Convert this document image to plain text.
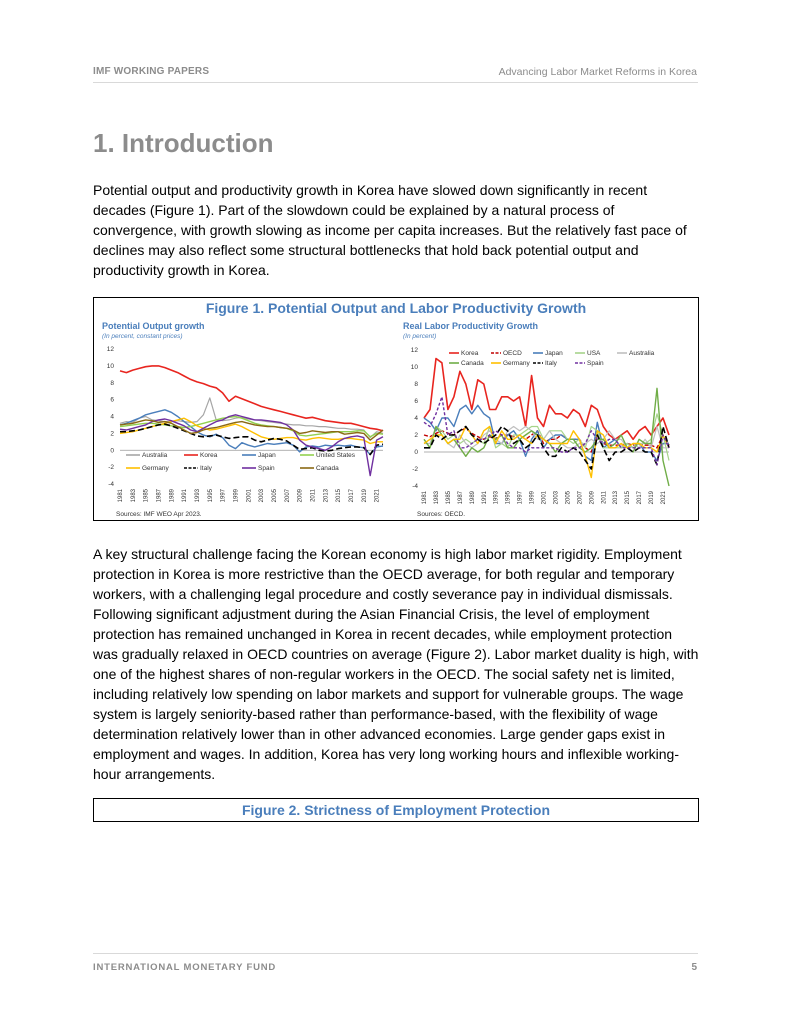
IMF WORKING PAPERS	Advancing Labor Market Reforms in Korea
1. Introduction

Potential output and productivity growth in Korea have slowed down significantly in recent decades (Figure 1). Part of the slowdown could be explained by a natural process of convergence, with growth slowing as income per capita increases. But the relatively fast pace of declines may also reflect some structural bottlenecks that hold back potential output and productivity growth in Korea.

Figure 1. Potential Output and Labor Productivity Growth
Potential Output growth
(In percent, constant prices)
12
10
8
6
4
2
0
-2
-4
1981 1983 1985 1987 1989 1991 1993 1995 1997 1999 2001 2003 2005 2007 2009 2011 2013 2015 2017 2019 2021
Australia	Korea	Japan	United States
Germany	Italy	Spain	Canada
Sources: IMF WEO Apr 2023.
Real Labor Productivity Growth
(In percent)
12
10
8
6
4
2
0
-2
-4
1981 1983 1985 1987 1989 1991 1993 1995 1997 1999 2001 2003 2005 2007 2009 2011 2013 2015 2017 2019 2021
Korea	OECD	Japan	USA	Australia
Canada	Germany Italy	Spain
Sources: OECD.

A key structural challenge facing the Korean economy is high labor market rigidity. Employment protection in Korea is more restrictive than the OECD average, for both regular and temporary workers, with a challenging legal procedure and costly severance pay in individual dismissals. Following significant adjustment during the Asian Financial Crisis, the level of employment protection has remained unchanged in Korea in recent decades, while employment protection was gradually relaxed in OECD countries on average (Figure 2). Labor market duality is high, with one of the highest shares of non-regular workers in the OECD. The social safety net is limited, including relatively low spending on labor markets and support for vulnerable groups. The wage system is largely seniority-based rather than performance-based, with the flexibility of wage determination relatively lower than in other advanced economies. Large gender gaps exist in employment and wages. In addition, Korea has very long working hours and inflexible working-hour arrangements.

Figure 2. Strictness of Employment Protection
INTERNATIONAL MONETARY FUND	5
